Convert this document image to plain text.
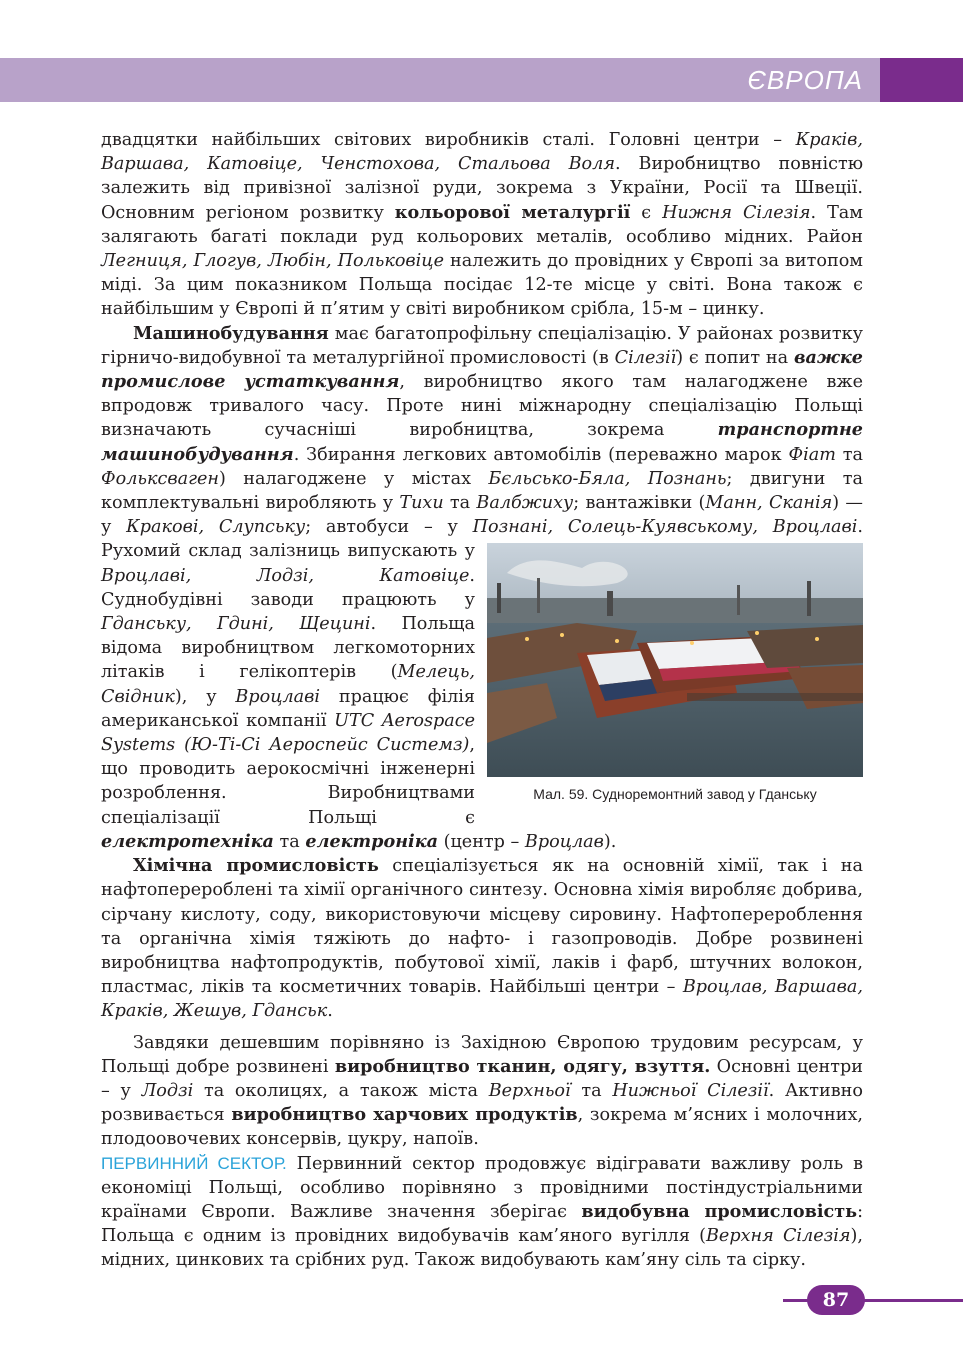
ЄВРОПА

двадцятки найбільших світових виробників сталі. Головні центри – Краків, Варшава, Катовіце, Ченстохова, Стальова Воля. Виробництво повністю залежить від привізної залізної руди, зокрема з України, Росії та Швеції. Основним регіоном розвитку кольорової металургії є Нижня Сілезія. Там залягають багаті поклади руд кольорових металів, особливо мідних. Район Легниця, Глогув, Любін, Польковіце належить до провідних у Європі за витопом міді. За цим показником Польща посідає 12-те місце у світі. Вона також є найбільшим у Європі й п’ятим у світі виробником срібла, 15-м – цинку.

Машинобудування має багатопрофільну спеціалізацію. У районах розвитку гірничо-видобувної та металургійної промисловості (в Сілезії) є попит на важке промислове устаткування, виробництво якого там налагоджене вже впродовж тривалого часу. Проте нині міжнародну спеціалізацію Польщі визначають сучасніші виробництва, зокрема транспортне машинобудування. Збирання легкових автомобілів (переважно марок Фіат та Фольксваген) налагоджене у містах Бєльсько-Бяла, Познань; двигуни та комплектувальні виробляють у Тихи та Валбжиху; вантажівки (Манн, Сканія) — у Кракові, Слупську; автобуси – у Познані, Солець-Куявському, Вроцлаві.
Мал. 59. Судноремонтний завод у Гданську
Рухомий склад залізниць випускають у Вроцлаві, Лодзі,	Катовіце. Суднобудівні заводи працюють у Гданську, Гдині, Щецині. Польща відома виробництвом легкомоторних літаків і гелікоптерів (Мелець, Свідник), у Вроцлаві працює філія американської компанії UTC Aerospace Systems (Ю-Ті-Сі Аероспейс Системз), що проводить аерокосмічні інженерні розроблення. Виробництвами спеціалізації Польщі є електротехніка та електроніка (центр – Вроцлав).

Хімічна промисловість спеціалізується як на основній хімії, так і на нафтоперероблені та хімії органічного синтезу. Основна хімія виробляє добрива, сірчану кислоту, соду, використовуючи місцеву сировину. Нафтоперероблення та органічна хімія тяжіють до нафто- і газопроводів. Добре розвинені виробництва нафтопродуктів, побутової хімії, лаків і фарб, штучних волокон, пластмас, ліків та косметичних товарів. Найбільші центри – Вроцлав, Варшава, Краків, Жешув, Гданськ.

Завдяки дешевшим порівняно із Західною Європою трудовим ресурсам, у Польщі добре розвинені виробництво тканин, одягу, взуття. Основні центри – у Лодзі та околицях, а також міста Верхньої та Нижньої Сілезії. Активно розвивається виробництво харчових продуктів, зокрема м’ясних і молочних, плодоовочевих консервів, цукру, напоїв.

ПЕРВИННИЙ СЕКТОР. Первинний сектор продовжує відігравати важливу роль в економіці Польщі, особливо порівняно з провідними постіндустріальними країнами Європи. Важливе значення зберігає видобувна промисловість: Польща є одним із провідних видобувачів кам’яного вугілля (Верхня Сілезія), мідних, цинкових та срібних руд. Також видобувають кам’яну сіль та сірку.

87
